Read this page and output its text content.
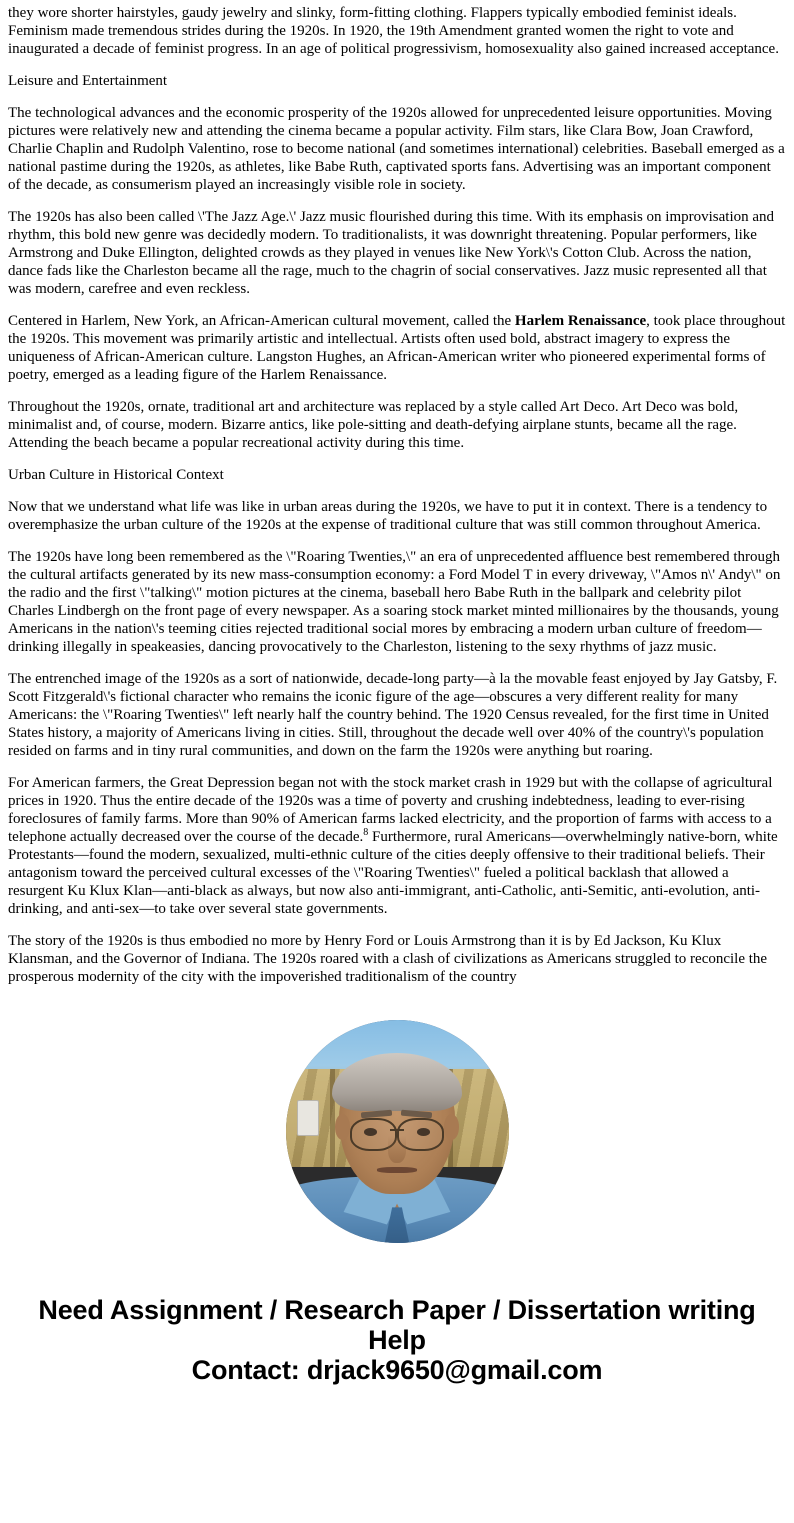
they wore shorter hairstyles, gaudy jewelry and slinky, form-fitting clothing. Flappers typically embodied feminist ideals.

Feminism made tremendous strides during the 1920s. In 1920, the 19th Amendment granted women the right to vote and inaugurated a decade of feminist progress. In an age of political progressivism, homosexuality also gained increased acceptance.

Leisure and Entertainment

The technological advances and the economic prosperity of the 1920s allowed for unprecedented leisure opportunities. Moving pictures were relatively new and attending the cinema became a popular activity. Film stars, like Clara Bow, Joan Crawford, Charlie Chaplin and Rudolph Valentino, rose to become national (and sometimes international) celebrities. Baseball emerged as a national pastime during the 1920s, as athletes, like Babe Ruth, captivated sports fans. Advertising was an important component of the decade, as consumerism played an increasingly visible role in society.

The 1920s has also been called \'The Jazz Age.\' Jazz music flourished during this time. With its emphasis on improvisation and rhythm, this bold new genre was decidedly modern. To traditionalists, it was downright threatening. Popular performers, like Armstrong and Duke Ellington, delighted crowds as they played in venues like New York\'s Cotton Club. Across the nation, dance fads like the Charleston became all the rage, much to the chagrin of social conservatives. Jazz music represented all that was modern, carefree and even reckless.

Centered in Harlem, New York, an African-American cultural movement, called the Harlem Renaissance, took place throughout the 1920s. This movement was primarily artistic and intellectual. Artists often used bold, abstract imagery to express the uniqueness of African-American culture. Langston Hughes, an African-American writer who pioneered experimental forms of poetry, emerged as a leading figure of the Harlem Renaissance.

Throughout the 1920s, ornate, traditional art and architecture was replaced by a style called Art Deco. Art Deco was bold, minimalist and, of course, modern. Bizarre antics, like pole-sitting and death-defying airplane stunts, became all the rage. Attending the beach became a popular recreational activity during this time.

Urban Culture in Historical Context

Now that we understand what life was like in urban areas during the 1920s, we have to put it in context. There is a tendency to overemphasize the urban culture of the 1920s at the expense of traditional culture that was still common throughout America.

The 1920s have long been remembered as the \"Roaring Twenties,\" an era of unprecedented affluence best remembered through the cultural artifacts generated by its new mass-consumption economy: a Ford Model T in every driveway, \"Amos n\' Andy\" on the radio and the first \"talking\" motion pictures at the cinema, baseball hero Babe Ruth in the ballpark and celebrity pilot Charles Lindbergh on the front page of every newspaper. As a soaring stock market minted millionaires by the thousands, young Americans in the nation\'s teeming cities rejected traditional social mores by embracing a modern urban culture of freedom—drinking illegally in speakeasies, dancing provocatively to the Charleston, listening to the sexy rhythms of jazz music.

The entrenched image of the 1920s as a sort of nationwide, decade-long party—à la the movable feast enjoyed by Jay Gatsby, F. Scott Fitzgerald\'s fictional character who remains the iconic figure of the age—obscures a very different reality for many Americans: the \"Roaring Twenties\" left nearly half the country behind. The 1920 Census revealed, for the first time in United States history, a majority of Americans living in cities. Still, throughout the decade well over 40% of the country\'s population resided on farms and in tiny rural communities, and down on the farm the 1920s were anything but roaring.

For American farmers, the Great Depression began not with the stock market crash in 1929 but with the collapse of agricultural prices in 1920. Thus the entire decade of the 1920s was a time of poverty and crushing indebtedness, leading to ever-rising foreclosures of family farms. More than 90% of American farms lacked electricity, and the proportion of farms with access to a telephone actually decreased over the course of the decade.$^8$ Furthermore, rural Americans—overwhelmingly native-born, white Protestants—found the modern, sexualized, multi-ethnic culture of the cities deeply offensive to their traditional beliefs. Their antagonism toward the perceived cultural excesses of the \"Roaring Twenties\" fueled a political backlash that allowed a resurgent Ku Klux Klan—anti-black as always, but now also anti-immigrant, anti-Catholic, anti-Semitic, anti-evolution, anti-drinking, and anti-sex—to take over several state governments.

The story of the 1920s is thus embodied no more by Henry Ford or Louis Armstrong than it is by Ed Jackson, Ku Klux Klansman, and the Governor of Indiana. The 1920s roared with a clash of civilizations as Americans struggled to reconcile the prosperous modernity of the city with the impoverished traditionalism of the country

Need Assignment / Research Paper / Dissertation writing Help
Contact: drjack9650@gmail.com
